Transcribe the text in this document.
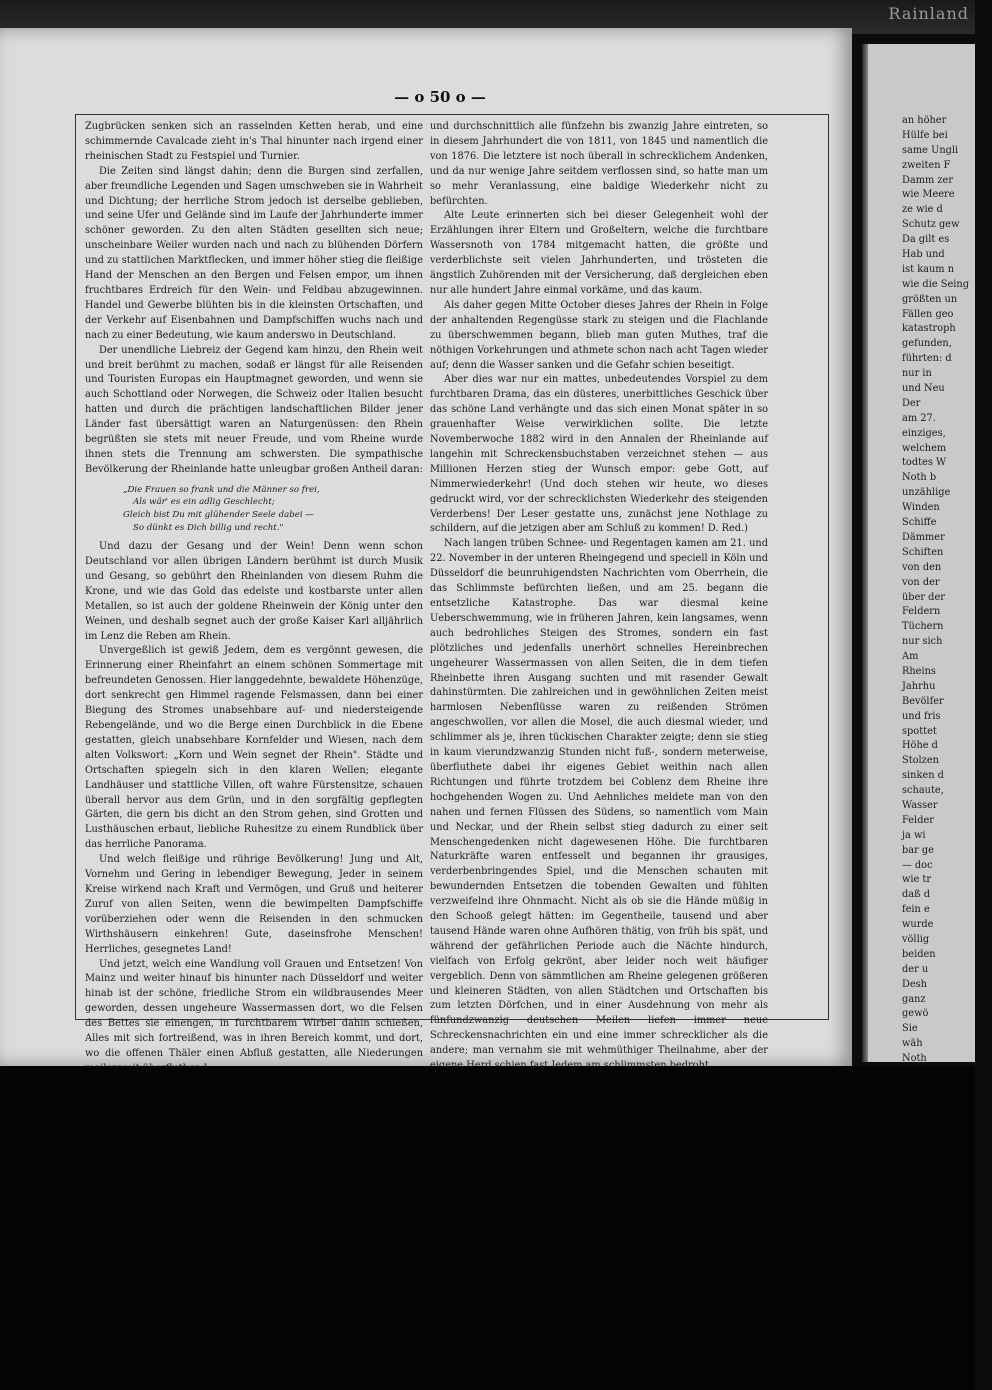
Rainland
— o 50 o —

Zugbrücken senken sich an rasselnden Ketten herab, und eine schimmernde Cavalcade zieht in's Thal hinunter nach irgend einer rheinischen Stadt zu Festspiel und Turnier.

Die Zeiten sind längst dahin; denn die Burgen sind zerfallen, aber freundliche Legenden und Sagen umschweben sie in Wahrheit und Dichtung; der herrliche Strom jedoch ist derselbe geblieben, und seine Ufer und Gelände sind im Laufe der Jahrhunderte immer schöner geworden. Zu den alten Städten gesellten sich neue; unscheinbare Weiler wurden nach und nach zu blühenden Dörfern und zu stattlichen Marktflecken, und immer höher stieg die fleißige Hand der Menschen an den Bergen und Felsen empor, um ihnen fruchtbares Erdreich für den Wein- und Feldbau abzugewinnen. Handel und Gewerbe blühten bis in die kleinsten Ortschaften, und der Verkehr auf Eisenbahnen und Dampfschiffen wuchs nach und nach zu einer Bedeutung, wie kaum anderswo in Deutschland.

Der unendliche Liebreiz der Gegend kam hinzu, den Rhein weit und breit berühmt zu machen, sodaß er längst für alle Reisenden und Touristen Europas ein Hauptmagnet geworden, und wenn sie auch Schottland oder Norwegen, die Schweiz oder Italien besucht hatten und durch die prächtigen landschaftlichen Bilder jener Länder fast übersättigt waren an Naturgenüssen: den Rhein begrüßten sie stets mit neuer Freude, und vom Rheine wurde ihnen stets die Trennung am schwersten. Die sympathische Bevölkerung der Rheinlande hatte unleugbar großen Antheil daran:

„Die Frauen so frank und die Männer so frei,
Als wär' es ein adlig Geschlecht;
Gleich bist Du mit glühender Seele dabei —
So dünkt es Dich billig und recht."

Und dazu der Gesang und der Wein! Denn wenn schon Deutschland vor allen übrigen Ländern berühmt ist durch Musik und Gesang, so gebührt den Rheinlanden von diesem Ruhm die Krone, und wie das Gold das edelste und kostbarste unter allen Metallen, so ist auch der goldene Rheinwein der König unter den Weinen, und deshalb segnet auch der große Kaiser Karl alljährlich im Lenz die Reben am Rhein.

Unvergeßlich ist gewiß Jedem, dem es vergönnt gewesen, die Erinnerung einer Rheinfahrt an einem schönen Sommertage mit befreundeten Genossen. Hier langgedehnte, bewaldete Höhenzüge, dort senkrecht gen Himmel ragende Felsmassen, dann bei einer Biegung des Stromes unabsehbare auf- und niedersteigende Rebengelände, und wo die Berge einen Durchblick in die Ebene gestatten, gleich unabsehbare Kornfelder und Wiesen, nach dem alten Volkswort: „Korn und Wein segnet der Rhein". Städte und Ortschaften spiegeln sich in den klaren Wellen; elegante Landhäuser und stattliche Villen, oft wahre Fürstensitze, schauen überall hervor aus dem Grün, und in den sorgfältig gepflegten Gärten, die gern bis dicht an den Strom gehen, sind Grotten und Lusthäuschen erbaut, liebliche Ruhesitze zu einem Rundblick über das herrliche Panorama.

Und welch fleißige und rührige Bevölkerung! Jung und Alt, Vornehm und Gering in lebendiger Bewegung, Jeder in seinem Kreise wirkend nach Kraft und Vermögen, und Gruß und heiterer Zuruf von allen Seiten, wenn die bewimpelten Dampfschiffe vorüberziehen oder wenn die Reisenden in den schmucken Wirthshäusern einkehren! Gute, daseinsfrohe Menschen! Herrliches, gesegnetes Land!

Und jetzt, welch eine Wandlung voll Grauen und Entsetzen! Von Mainz und weiter hinauf bis hinunter nach Düsseldorf und weiter hinab ist der schöne, friedliche Strom ein wildbrausendes Meer geworden, dessen ungeheure Wassermassen dort, wo die Felsen des Bettes sie einengen, in furchtbarem Wirbel dahin schießen, Alles mit sich fortreißend, was in ihren Bereich kommt, und dort, wo die offenen Thäler einen Abfluß gestatten, alle Niederungen

und durchschnittlich alle fünfzehn bis zwanzig Jahre eintreten, so in diesem Jahrhundert die von 1811, von 1845 und namentlich die von 1876. Die letztere ist noch überall in schrecklichem Andenken, und da nur wenige Jahre seitdem verflossen sind, so hatte man um so mehr Veranlassung, eine baldige Wiederkehr nicht zu befürchten.

Alte Leute erinnerten sich bei dieser Gelegenheit wohl der Erzählungen ihrer Eltern und Großeltern, welche die furchtbare Wassersnoth von 1784 mitgemacht hatten, die größte und verderblichste seit vielen Jahrhunderten, und trösteten die ängstlich Zuhörenden mit der Versicherung, daß dergleichen eben nur alle hundert Jahre einmal vorkäme, und das kaum.

Als daher gegen Mitte October dieses Jahres der Rhein in Folge der anhaltenden Regengüsse stark zu steigen und die Flachlande zu überschwemmen begann, blieb man guten Muthes, traf die nöthigen Vorkehrungen und athmete schon nach acht Tagen wieder auf; denn die Wasser sanken und die Gefahr schien beseitigt.

Aber dies war nur ein mattes, unbedeutendes Vorspiel zu dem furchtbaren Drama, das ein düsteres, unerbittliches Geschick über das schöne Land verhängte und das sich einen Monat später in so grauenhafter Weise verwirklichen sollte. Die letzte Novemberwoche 1882 wird in den Annalen der Rheinlande auf langehin mit Schreckensbuchstaben verzeichnet stehen — aus Millionen Herzen stieg der Wunsch empor: gebe Gott, auf Nimmerwiederkehr! (Und doch stehen wir heute, wo dieses gedruckt wird, vor der schrecklichsten Wiederkehr des steigenden Verderbens! Der Leser gestatte uns, zunächst jene Nothlage zu schildern, auf die jetzigen aber am Schluß zu kommen! D. Red.)

Nach langen trüben Schnee- und Regentagen kamen am 21. und 22. November in der unteren Rheingegend und speciell in Köln und Düsseldorf die beunruhigendsten Nachrichten vom Oberrhein, die das Schlimmste befürchten ließen, und am 25. begann die entsetzliche Katastrophe. Das war diesmal keine Ueberschwemmung, wie in früheren Jahren, kein langsames, wenn auch bedrohliches Steigen des Stromes, sondern ein fast plötzliches und jedenfalls unerhört schnelles Hereinbrechen ungeheurer Wassermassen von allen Seiten, die in dem tiefen Rheinbette ihren Ausgang suchten und mit rasender Gewalt dahinstürmten. Die zahlreichen und in gewöhnlichen Zeiten meist harmlosen Nebenflüsse waren zu reißenden Strömen angeschwollen, vor allen die Mosel, die auch diesmal wieder, und schlimmer als je, ihren tückischen Charakter zeigte; denn sie stieg in kaum vierundzwanzig Stunden nicht fuß-, sondern meterweise, überfluthete dabei ihr eigenes Gebiet weithin nach allen Richtungen und führte trotzdem bei Coblenz dem Rheine ihre hochgehenden Wogen zu. Und Aehnliches meldete man von den nahen und fernen Flüssen des Südens, so namentlich vom Main und Neckar, und der Rhein selbst stieg dadurch zu einer seit Menschengedenken nicht dagewesenen Höhe. Die furchtbaren Naturkräfte waren entfesselt und begannen ihr grausiges, verderbenbringendes Spiel, und die Menschen schauten mit bewundernden Entsetzen die tobenden Gewalten und fühlten verzweifelnd ihre Ohnmacht. Nicht als ob sie die Hände müßig in den Schooß gelegt hätten: im Gegentheile, tausend und aber tausend Hände waren ohne Aufhören thätig, von früh bis spät, und während der gefährlichen Periode auch die Nächte hindurch, vielfach von Erfolg gekrönt, aber leider noch weit häufiger vergeblich. Denn von sämmtlichen am Rheine gelegenen größeren und kleineren Städten, von allen Städtchen und Ortschaften bis zum letzten Dörfchen, und in einer Ausdehnung von mehr als fünfundzwanzig deutschen Meilen liefen immer neue Schreckensnachrichten ein und eine immer schrecklicher als die andere; man vernahm sie mit wehmüthiger Theilnahme, aber der

an höher
Hülfe bei
same Ungli
zweiten F
Damm zer
wie Meere
ze wie d
Schutz gew
Da gilt es
Hab und
ist kaum n
wie die Seing
größten un
Fällen geo
katastroph
gefunden,
führten: d
nur in
und Neu
Der
am 27.
einziges,
welchem
todtes W
Noth b
unzählige
Winden
Schiffe
Dämmer
Schiften
von den
von der
über der
Feldern
Tüchern
nur sich
Am
Rheins
Jahrhu
Bevölfer
und fris
spottet
Höhe d
Stolzen
sinken d
schaute,
Wasser
Felder
ja wi
bar ge
— doc
wie tr
daß d
fein e
wurde
völlig
beiden
der u
Desh
ganz
gewö
Sie
wäh
Noth
